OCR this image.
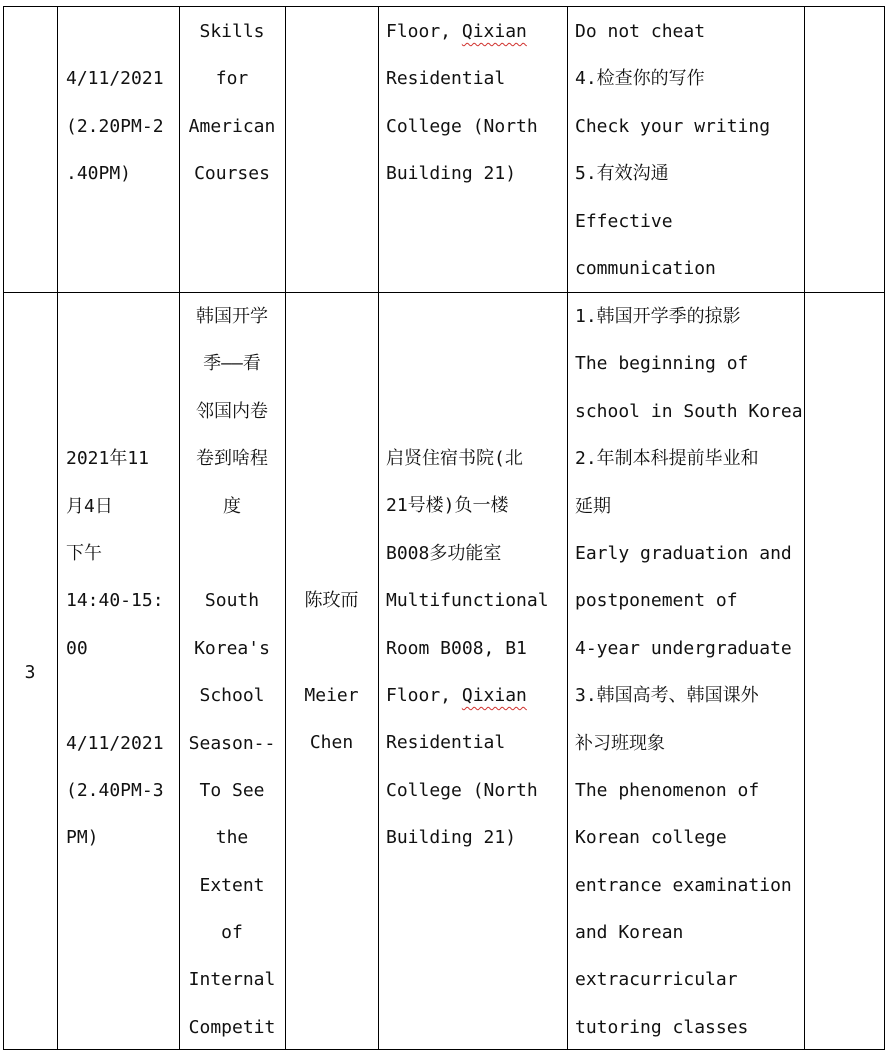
4/11/2021
(2.20PM-2
.40PM)
Skills
for
American
Courses
Floor, Qixian
Residential
College (North
Building 21)
Do not cheat
4.检查你的写作
Check your writing
5.有效沟通
Effective
communication
3
2021年11
月4日
下午
14:40-15:
00
4/11/2021
(2.40PM-3
PM)
韩国开学
季——看
邻国内卷
卷到啥程
度
South
Korea's
School
Season--
To See
the
Extent
of
Internal
Competit
陈玫而
Meier
Chen
启贤住宿书院(北
21号楼)负一楼
B008多功能室
Multifunctional
Room B008, B1
Floor, Qixian
Residential
College (North
Building 21)
1.韩国开学季的掠影
The beginning of
school in South Korea
2.年制本科提前毕业和
延期
Early graduation and
postponement of
4-year undergraduate
3.韩国高考、韩国课外
补习班现象
The phenomenon of
Korean college
entrance examination
and Korean
extracurricular
tutoring classes
